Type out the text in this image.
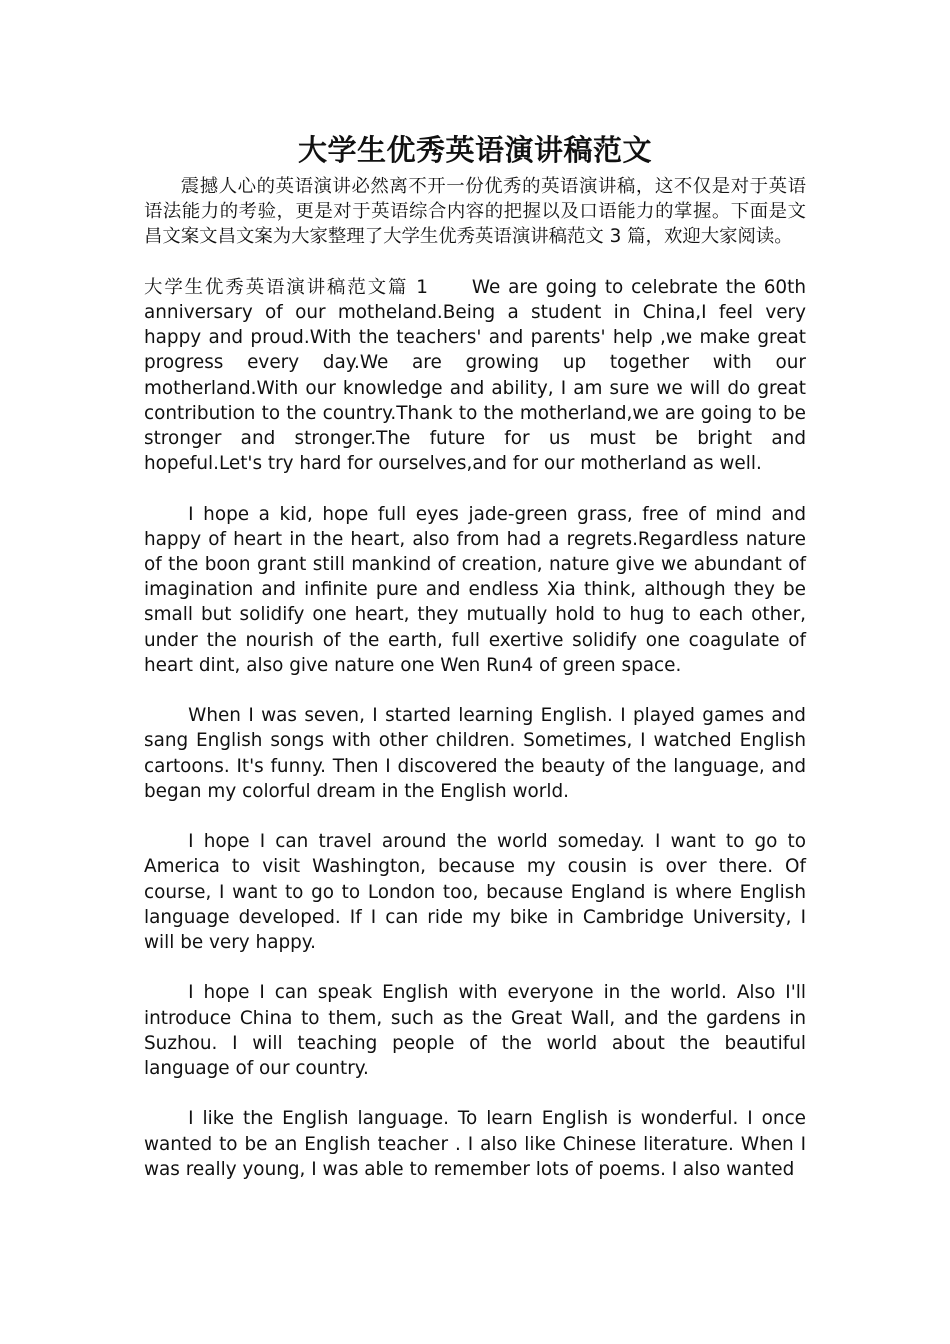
大学生优秀英语演讲稿范文

震撼人心的英语演讲必然离不开一份优秀的英语演讲稿，这不仅是对于英语语法能力的考验，更是对于英语综合内容的把握以及口语能力的掌握。下面是文昌文案文昌文案为大家整理了大学生优秀英语演讲稿范文 3 篇，欢迎大家阅读。

大学生优秀英语演讲稿范文篇 1 We are going to celebrate the 60th anniversary of our motheland.Being a student in China,I feel very happy and proud.With the teachers' and parents' help ,we make great progress every day.We are growing up together with our motherland.With our knowledge and ability, I am sure we will do great contribution to the country.Thank to the motherland,we are going to be stronger and stronger.The future for us must be bright and hopeful.Let's try hard for ourselves,and for our motherland as well.

I hope a kid, hope full eyes jade-green grass, free of mind and happy of heart in the heart, also from had a regrets.Regardless nature of the boon grant still mankind of creation, nature give we abundant of imagination and infinite pure and endless Xia think, although they be small but solidify one heart, they mutually hold to hug to each other, under the nourish of the earth, full exertive solidify one coagulate of heart dint, also give nature one Wen Run4 of green space.

When I was seven, I started learning English. I played games and sang English songs with other children. Sometimes, I watched English cartoons. It's funny. Then I discovered the beauty of the language, and began my colorful dream in the English world.

I hope I can travel around the world someday. I want to go to America to visit Washington, because my cousin is over there. Of course, I want to go to London too, because England is where English language developed. If I can ride my bike in Cambridge University, I will be very happy.

I hope I can speak English with everyone in the world. Also I'll introduce China to them, such as the Great Wall, and the gardens in Suzhou. I will teaching people of the world about the beautiful language of our country.

I like the English language. To learn English is wonderful. I once wanted to be an English teacher . I also like Chinese literature. When I was really young, I was able to remember lots of poems. I also wanted
